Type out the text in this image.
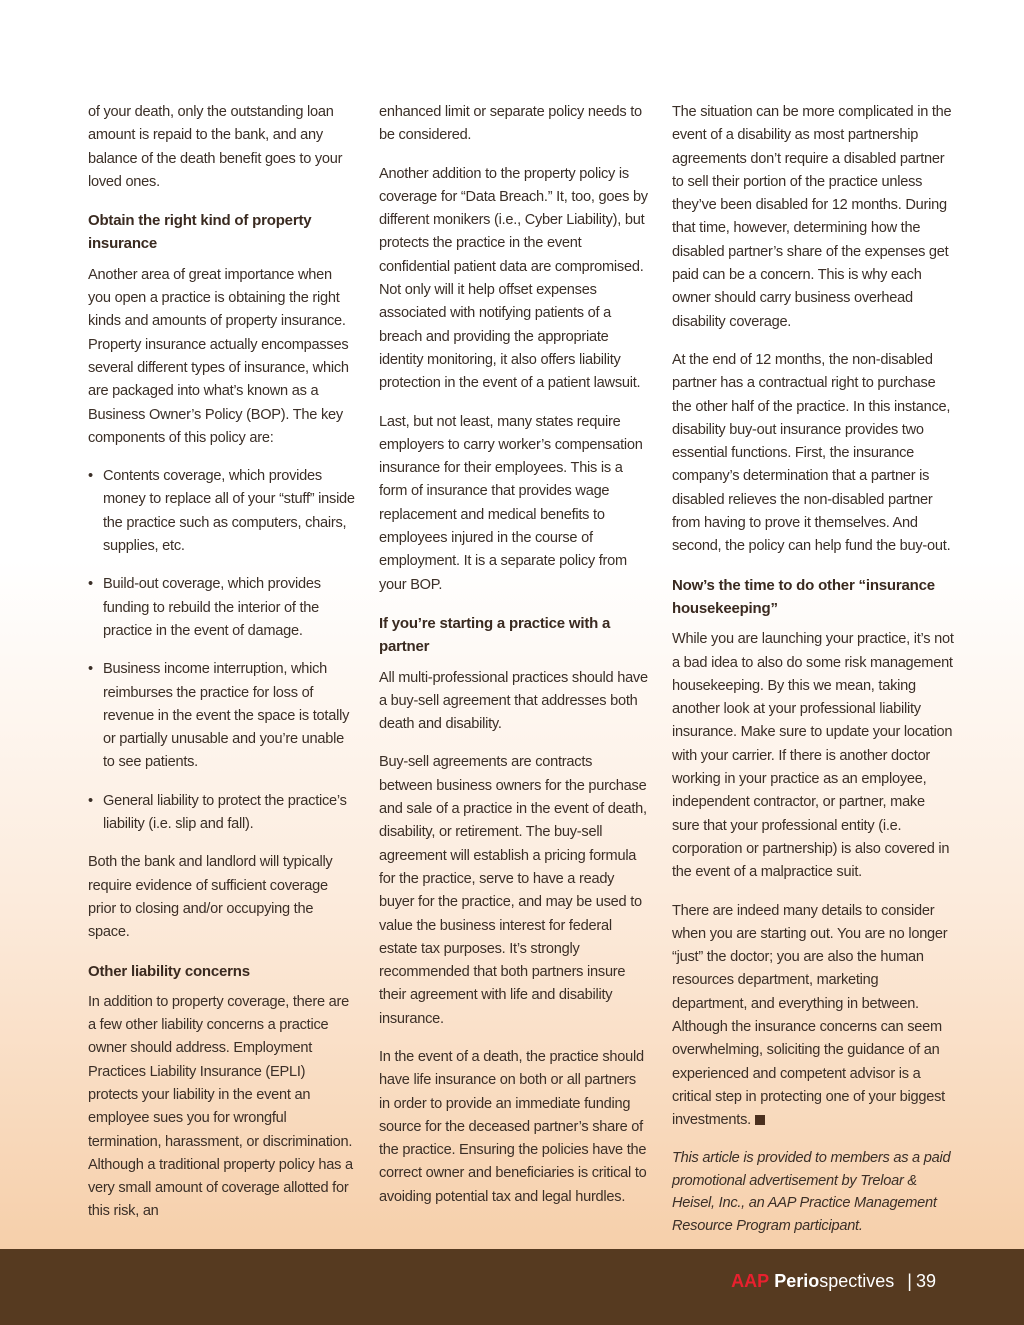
of your death, only the outstanding loan amount is repaid to the bank, and any balance of the death benefit goes to your loved ones.

Obtain the right kind of property insurance

Another area of great importance when you open a practice is obtaining the right kinds and amounts of property insurance. Property insurance actually encompasses several different types of insurance, which are packaged into what’s known as a Business Owner’s Policy (BOP). The key components of this policy are:

• Contents coverage, which provides money to replace all of your “stuff” inside the practice such as computers, chairs, supplies, etc.
• Build-out coverage, which provides funding to rebuild the interior of the practice in the event of damage.
• Business income interruption, which reimburses the practice for loss of revenue in the event the space is totally or partially unusable and you’re unable to see patients.
• General liability to protect the practice’s liability (i.e. slip and fall).

Both the bank and landlord will typically require evidence of sufficient coverage prior to closing and/or occupying the space.

Other liability concerns

In addition to property coverage, there are a few other liability concerns a practice owner should address. Employment Practices Liability Insurance (EPLI) protects your liability in the event an employee sues you for wrongful termination, harassment, or discrimination. Although a traditional property policy has a very small amount of coverage allotted for this risk, an

enhanced limit or separate policy needs to be considered.

Another addition to the property policy is coverage for “Data Breach.” It, too, goes by different monikers (i.e., Cyber Liability), but protects the practice in the event confidential patient data are compromised. Not only will it help offset expenses associated with notifying patients of a breach and providing the appropriate identity monitoring, it also offers liability protection in the event of a patient lawsuit.

Last, but not least, many states require employers to carry worker’s compensation insurance for their employees. This is a form of insurance that provides wage replacement and medical benefits to employees injured in the course of employment. It is a separate policy from your BOP.

If you’re starting a practice with a partner

All multi-professional practices should have a buy-sell agreement that addresses both death and disability.

Buy-sell agreements are contracts between business owners for the purchase and sale of a practice in the event of death, disability, or retirement. The buy-sell agreement will establish a pricing formula for the practice, serve to have a ready buyer for the practice, and may be used to value the business interest for federal estate tax purposes. It’s strongly recommended that both partners insure their agreement with life and disability insurance.

In the event of a death, the practice should have life insurance on both or all partners in order to provide an immediate funding source for the deceased partner’s share of the practice. Ensuring the policies have the correct owner and beneficiaries is critical to avoiding potential tax and legal hurdles.

The situation can be more complicated in the event of a disability as most partnership agreements don’t require a disabled partner to sell their portion of the practice unless they’ve been disabled for 12 months. During that time, however, determining how the disabled partner’s share of the expenses get paid can be a concern. This is why each owner should carry business overhead disability coverage.

At the end of 12 months, the non-disabled partner has a contractual right to purchase the other half of the practice. In this instance, disability buy-out insurance provides two essential functions. First, the insurance company’s determination that a partner is disabled relieves the non-disabled partner from having to prove it themselves. And second, the policy can help fund the buy-out.

Now’s the time to do other “insurance housekeeping”

While you are launching your practice, it’s not a bad idea to also do some risk management housekeeping. By this we mean, taking another look at your professional liability insurance. Make sure to update your location with your carrier. If there is another doctor working in your practice as an employee, independent contractor, or partner, make sure that your professional entity (i.e. corporation or partnership) is also covered in the event of a malpractice suit.

There are indeed many details to consider when you are starting out. You are no longer “just” the doctor; you are also the human resources department, marketing department, and everything in between. Although the insurance concerns can seem overwhelming, soliciting the guidance of an experienced and competent advisor is a critical step in protecting one of your biggest investments.

This article is provided to members as a paid promotional advertisement by Treloar & Heisel, Inc., an AAP Practice Management Resource Program participant.

AAP Periospectives | 39
